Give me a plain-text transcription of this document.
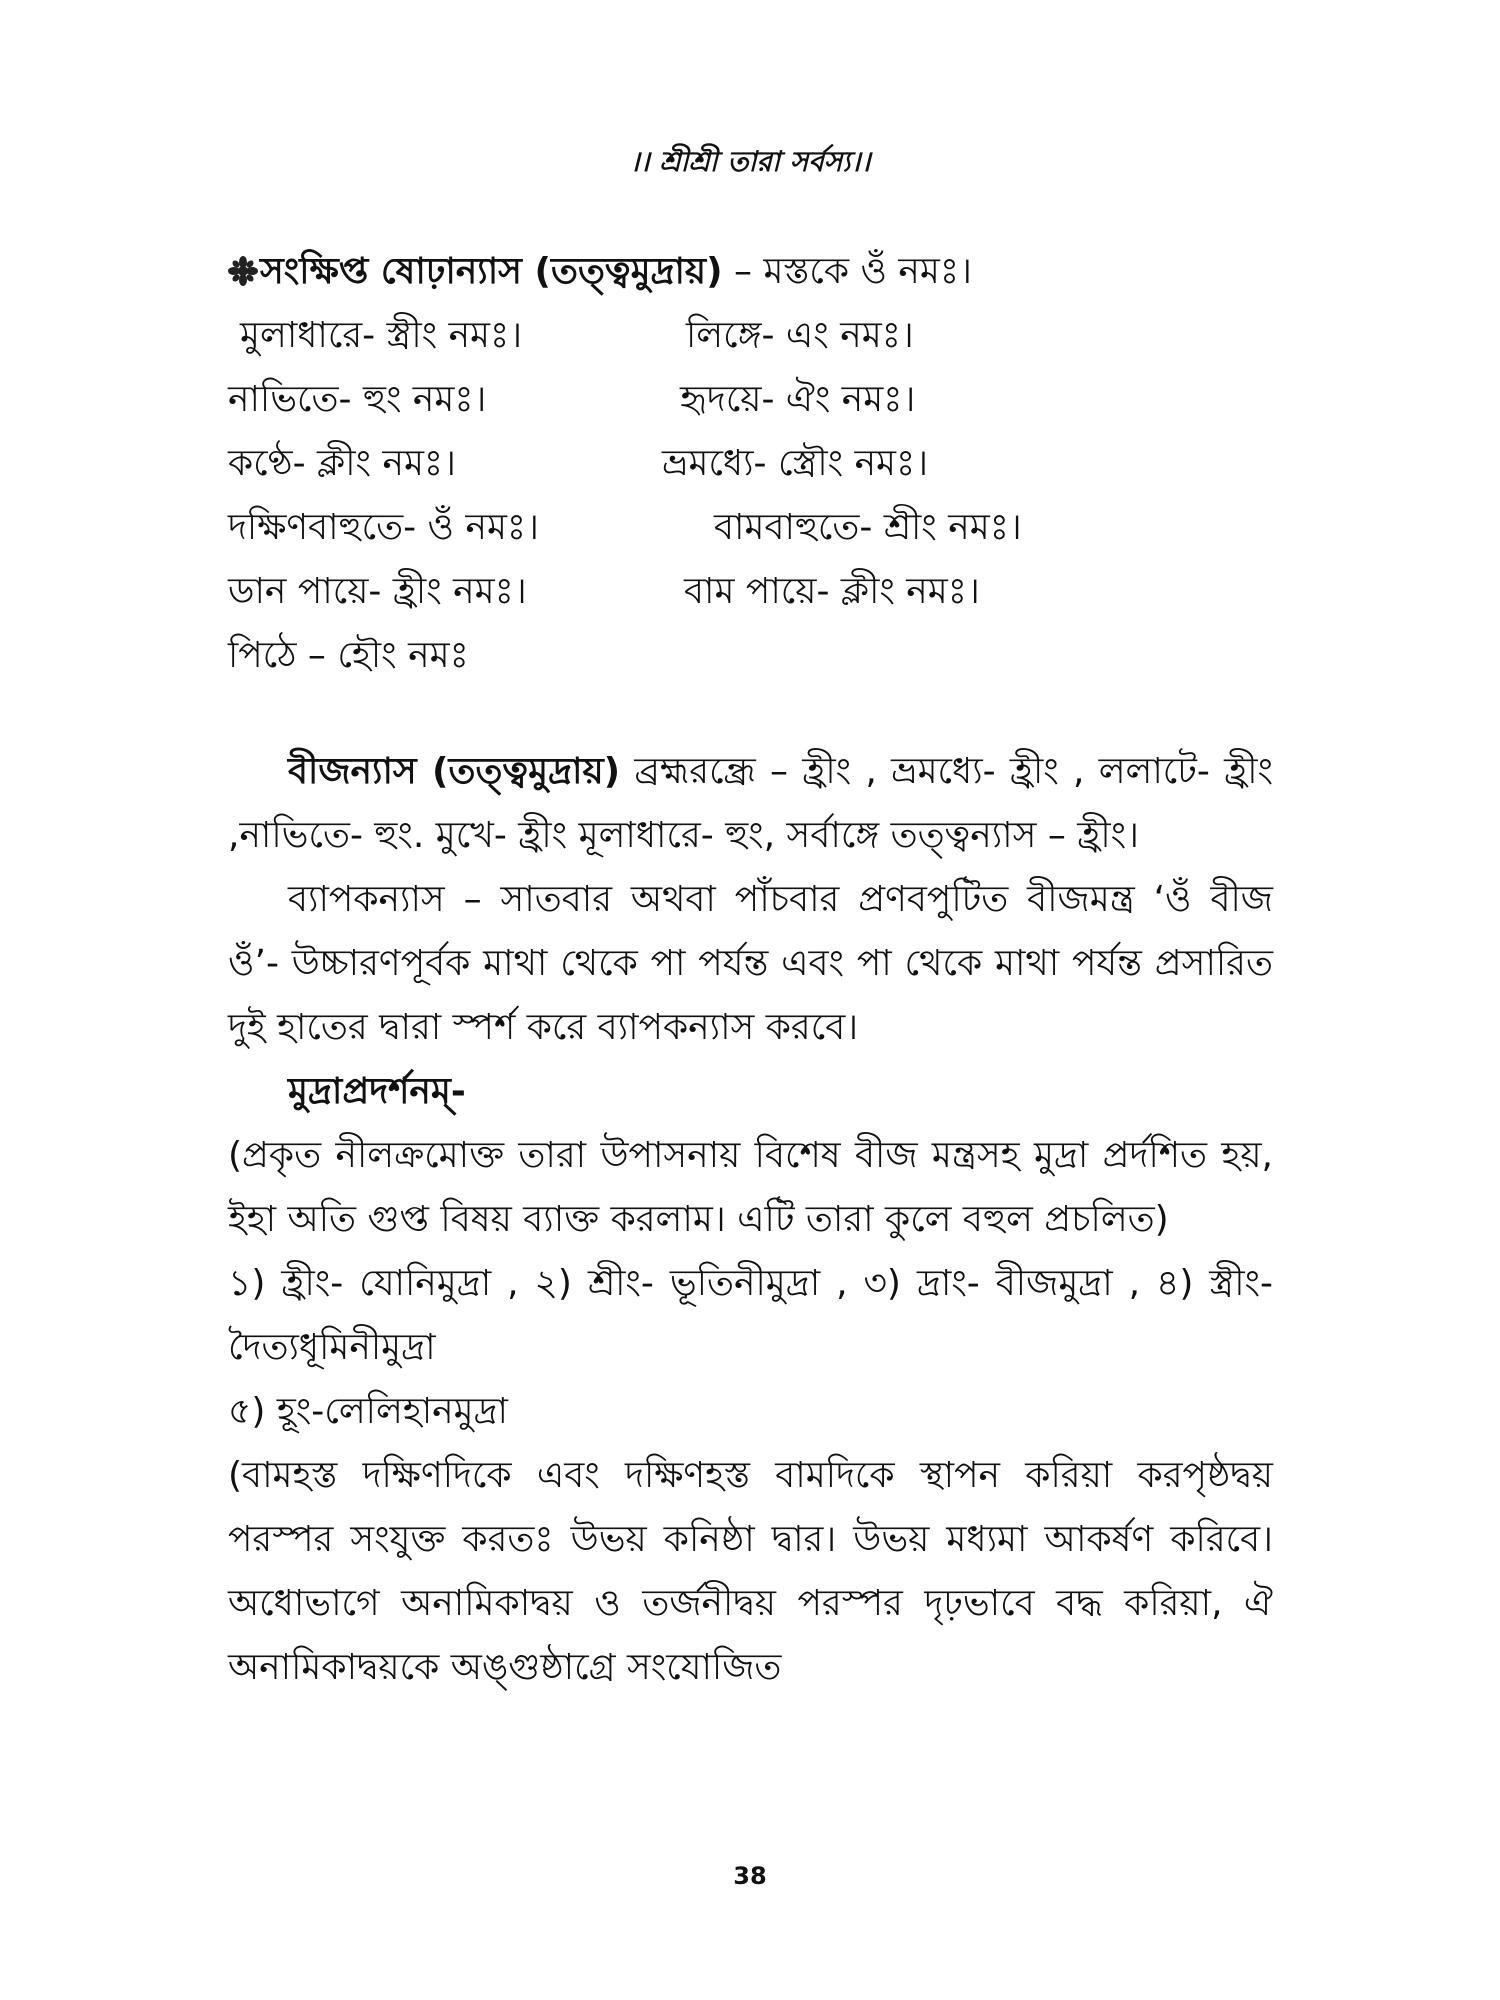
।। শ্রীশ্রী তারা সর্বস্য।।
সংক্ষিপ্ত ষোঢ়ান্যাস (তত্ত্বমুদ্রায়) – মস্তকে ওঁ নমঃ।
মুলাধারে- স্ত্রীং নমঃ।	লিঙ্গে- এং নমঃ।
নাভিতে- হুং নমঃ।	হৃদয়ে- ঐং নমঃ।
কণ্ঠে- ক্লীং নমঃ।	ভ্রমধ্যে- স্ত্রৌং নমঃ।
দক্ষিণবাহুতে- ওঁ নমঃ।	বামবাহুতে- শ্রীং নমঃ।
ডান পায়ে- হ্রীং নমঃ।	বাম পায়ে- ক্লীং নমঃ।
পিঠে – হৌং নমঃ
বীজন্যাস (তত্ত্বমুদ্রায়) ব্রহ্মরন্ধ্রে – হ্রীং , ভ্রমধ্যে- হ্রীং , ললাটে- হ্রীং ,নাভিতে- হুং. মুখে- হ্রীং মূলাধারে- হুং, সর্বাঙ্গে তত্ত্বন্যাস – হ্রীং।
ব্যাপকন্যাস – সাতবার অথবা পাঁচবার প্রণবপুটিত বীজমন্ত্র ‘ওঁ বীজ ওঁ’- উচ্চারণপূর্বক মাথা থেকে পা পর্যন্ত এবং পা থেকে মাথা পর্যন্ত প্রসারিত দুই হাতের দ্বারা স্পর্শ করে ব্যাপকন্যাস করবে।
মুদ্রাপ্রদর্শনম্-
(প্রকৃত নীলক্রমোক্ত তারা উপাসনায় বিশেষ বীজ মন্ত্রসহ মুদ্রা প্রর্দশিত হয়, ইহা অতি গুপ্ত বিষয় ব্যাক্ত করলাম। এটি তারা কুলে বহুল প্রচলিত)
১) হ্রীং- যোনিমুদ্রা , ২) শ্রীং- ভূতিনীমুদ্রা , ৩) দ্রাং- বীজমুদ্রা , ৪) স্ত্রীং-দৈত্যধূমিনীমুদ্রা
৫) হূং-লেলিহানমুদ্রা
(বামহস্ত দক্ষিণদিকে এবং দক্ষিণহস্ত বামদিকে স্থাপন করিয়া করপৃষ্ঠদ্বয় পরস্পর সংযুক্ত করতঃ উভয় কনিষ্ঠা দ্বার। উভয় মধ্যমা আকর্ষণ করিবে। অধোভাগে অনামিকাদ্বয় ও তর্জনীদ্বয় পরস্পর দৃঢ়ভাবে বদ্ধ করিয়া, ঐ অনামিকাদ্বয়কে অঙ্গুষ্ঠাগ্রে সংযোজিত
38
